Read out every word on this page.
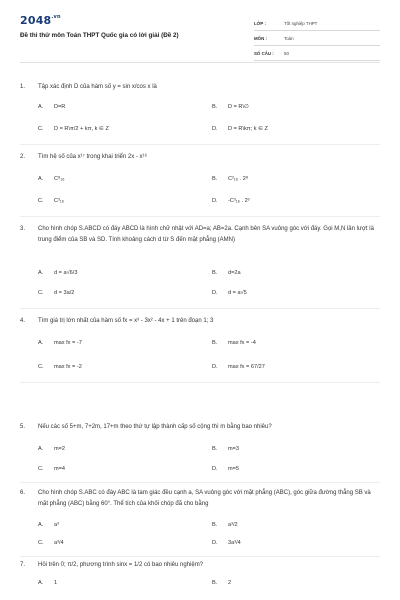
$2048^{.vn}$
Đề thi thử môn Toán THPT Quốc gia có lời giải (Đề 2)
LỚP :	Tốt nghiệp THPT
MÔN :	Toán
SỐ CÂU :	50
1. Tập xác định D của hàm số y = sin x/cos x là
A. D=R	B. D = R\∅
C. D = R\π/2 + kπ, k ∈ Z	D. D = R\kπ; k ∈ Z
2. Tìm hệ số của x¹⁷ trong khai triển 2x - x¹⁶
A. C⁸₁₆	B. C²₁₆ . 2⁸
C. C³₁₆	D. -C³₁₆ . 2³
3. Cho hình chóp S.ABCD có đáy ABCD là hình chữ nhật với AD=a; AB=2a. Cạnh bên SA vuông góc với đáy. Gọi M,N lần lượt là trung điểm của SB và SD. Tính khoảng cách d từ S đến mặt phẳng (AMN)
A. d = a√6/3	B. d=2a
C. d = 3a/2	D. d = a√5
4. Tìm giá trị lớn nhất của hàm số fx = x³ - 3x² - 4x + 1 trên đoạn 1; 3
A. max fx = -7	B. max fx = -4
C. max fx = -2	D. max fx = 67/27
5. Nếu các số 5+m, 7+2m, 17+m theo thứ tự lập thành cấp số cộng thì m bằng bao nhiêu?
A. m=2	B. m=3
C. m=4	D. m=5
6. Cho hình chóp S.ABC có đáy ABC là tam giác đều cạnh a, SA vuông góc với mặt phẳng (ABC), góc giữa đường thẳng SB và mặt phẳng (ABC) bằng 60°. Thể tích của khối chóp đã cho bằng
A. a³	B. a³/2
C. a³/4	D. 3a³/4
7. Hỏi trên 0; π/2, phương trình sinx = 1/2 có bao nhiêu nghiệm?
A. 1	B. 2
